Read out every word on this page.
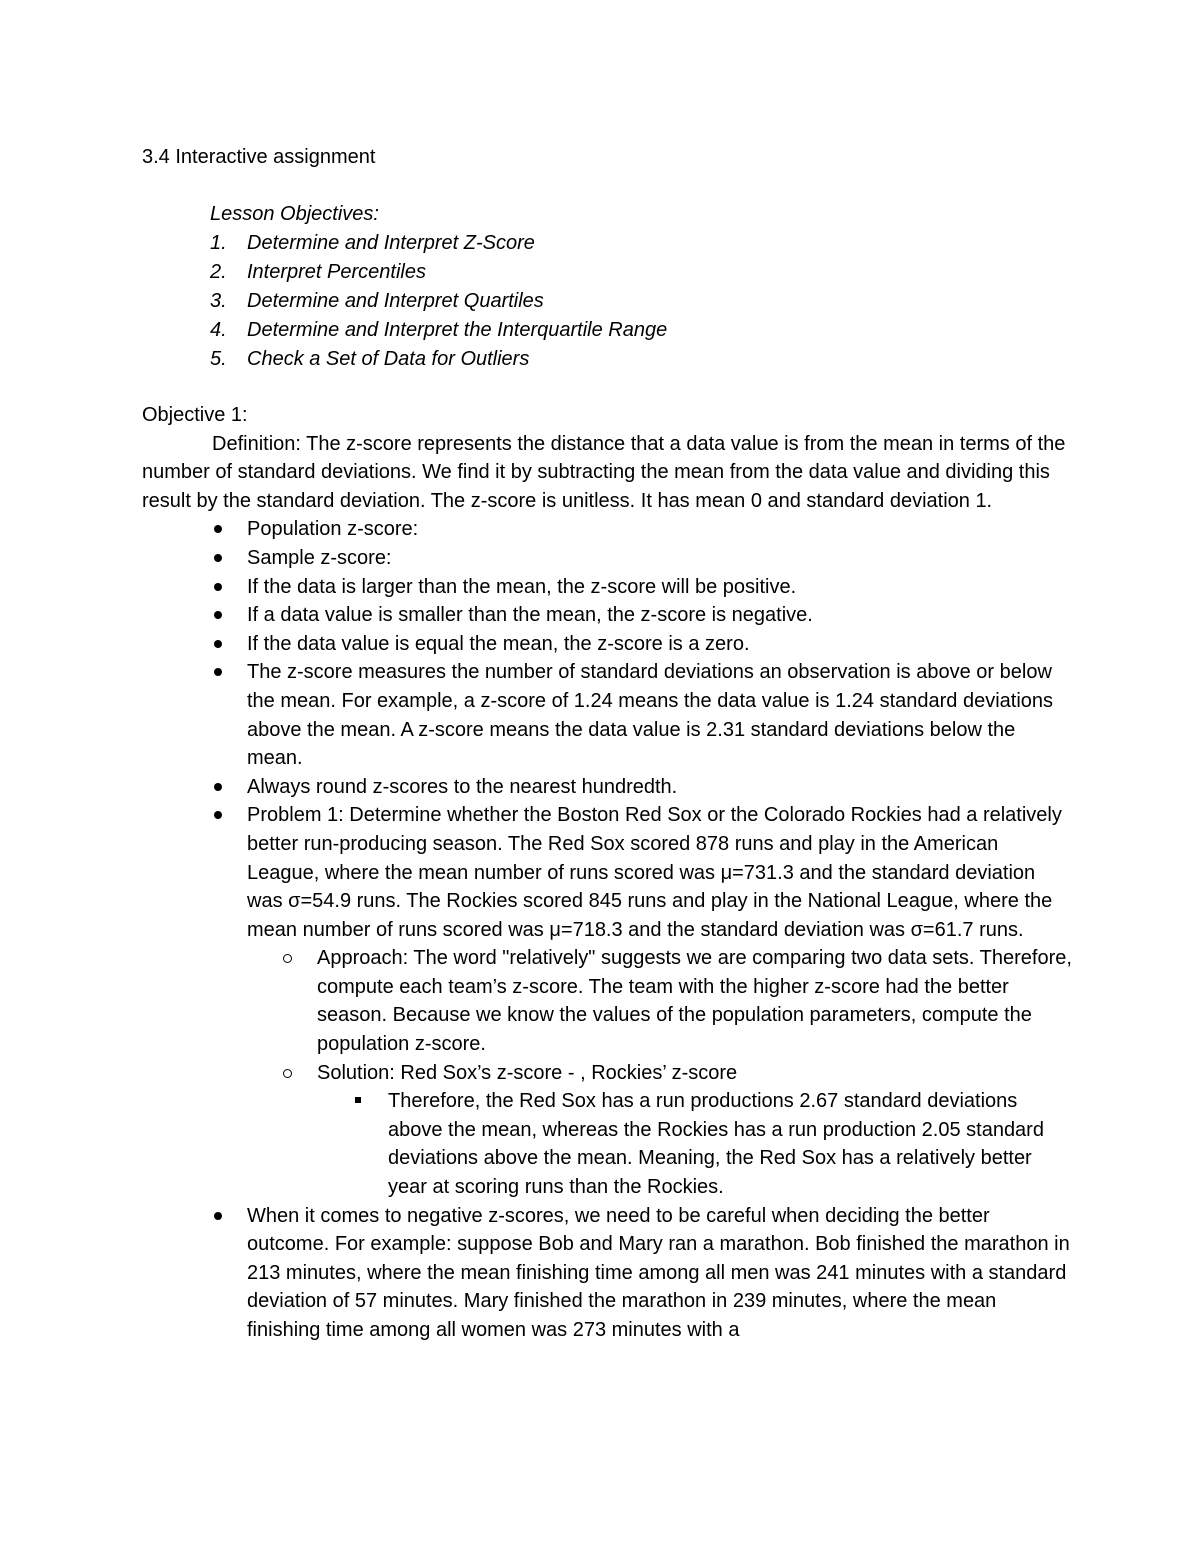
3.4 Interactive assignment
Lesson Objectives:
1. Determine and Interpret Z-Score
2. Interpret Percentiles
3. Determine and Interpret Quartiles
4. Determine and Interpret the Interquartile Range
5. Check a Set of Data for Outliers
Objective 1:

Definition: The z-score represents the distance that a data value is from the mean in terms of the number of standard deviations. We find it by subtracting the mean from the data value and dividing this result by the standard deviation. The z-score is unitless. It has mean 0 and standard deviation 1.

Population z-score:
Sample z-score:
If the data is larger than the mean, the z-score will be positive.
If a data value is smaller than the mean, the z-score is negative.
If the data value is equal the mean, the z-score is a zero.
The z-score measures the number of standard deviations an observation is above or below the mean. For example, a z-score of 1.24 means the data value is 1.24 standard deviations above the mean. A z-score means the data value is 2.31 standard deviations below the mean.
Always round z-scores to the nearest hundredth.
Problem 1: Determine whether the Boston Red Sox or the Colorado Rockies had a relatively better run-producing season. The Red Sox scored 878 runs and play in the American League, where the mean number of runs scored was μ=731.3 and the standard deviation was σ=54.9 runs. The Rockies scored 845 runs and play in the National League, where the mean number of runs scored was μ=718.3 and the standard deviation was σ=61.7 runs.
Approach: The word "relatively" suggests we are comparing two data sets. Therefore, compute each team’s z-score. The team with the higher z-score had the better season. Because we know the values of the population parameters, compute the population z-score.
Solution: Red Sox’s z-score - , Rockies’ z-score
Therefore, the Red Sox has a run productions 2.67 standard deviations above the mean, whereas the Rockies has a run production 2.05 standard deviations above the mean. Meaning, the Red Sox has a relatively better year at scoring runs than the Rockies.
When it comes to negative z-scores, we need to be careful when deciding the better outcome. For example: suppose Bob and Mary ran a marathon. Bob finished the marathon in 213 minutes, where the mean finishing time among all men was 241 minutes with a standard deviation of 57 minutes. Mary finished the marathon in 239 minutes, where the mean finishing time among all women was 273 minutes with a
